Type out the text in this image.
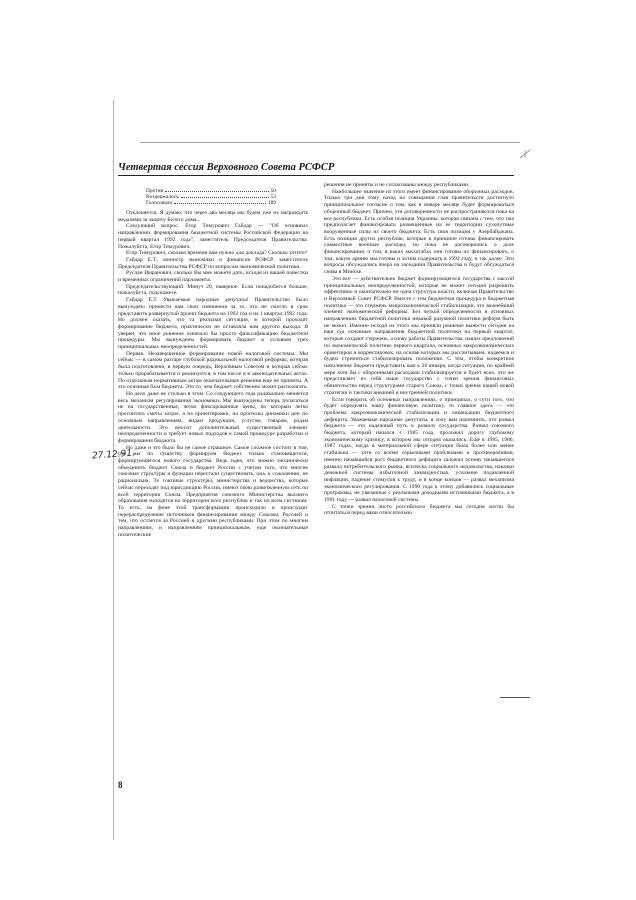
Четвертая сессия Верховного Совета РСФСР
Против	50
Воздержалось	53
Голосовало	189

Отклоняется. Я думаю, что через два месяца мы будем уже их награждать медалями за защиту Белого дома...

Следующий вопрос. Егор Тимурович Гайдар — "Об основных направлениях формирования бюджетной системы Российской Федерации на первый квартал 1992 года", заместитель Председателя Правительства. Пожалуйста, Егор Тимурович.

Егор Тимурович, сколько времени вам нужно для доклада? Сколько хотите?

Гайдар Е.Т., министр экономики и финансов РСФСР, заместитель Председателя Правительства РСФСР по вопросам экономической политики.

Руслан Имранович, сколько Вы мне можете дать, исходя из вашей повестки и временных ограничений парламента.

Председательствующий. Минут 20, наверное. Если понадобится больше, пожалуйста, подскажете.

Гайдар Е.Т. Уважаемые народные депутаты! Правительство было вынуждено принести вам свои извинения за то, что не смогло в срок представить развернутый проект бюджета на 1992 год и на 1 квартал 1992 года. Но должен сказать, что та реальная ситуация, в которой проходит формирование бюджета, практически не оставляла нам другого выхода. Я уверен, что иное решение означало бы просто фальсификацию бюджетной процедуры. Мы вынуждены формировать бюджет в условиях трех принципиальных неопределенностей.

Первая. Незавершенное формирование новой налоговой системы. Мы сейчас — в самом разгаре глубокой радикальной налоговой реформы, которая была подготовлена, в первую очередь, Верховным Советом и которая сейчас только прорабатывается и реализуется, в том числе и в законодательных актах. По отдельным нормативным актам окончательные решения еще не приняты. А это основная база бюджета. Это то, чем бюджет собственно может располагать.

Но дело даже не столько в этом. Со следующего года радикально меняется весь механизм регулирования экономики. Мы вынуждены теперь полагаться не на государственные, четко фиксированные цены, по которым легко просчитать сметы затрат, а на ориентировки, на прогнозы динамики цен по основным направлениям, видам продукции, услугам, товарам, родам деятельности. Это вносит дополнительный существенный элемент неопределенности и требует новых подходов к самой процедуре разработки и формирования бюджета.

Но даже и это было бы не самое страшное. Самое сложное состоит в том, что мы по существу формируем бюджет только становящегося, формирующегося нового государства. Ведь идея, что можно механически объединить бюджет Союза и бюджет России с учетом того, что многие союзные структуры и функции перестали существовать, она, к сожалению, не рациональна. Те союзные структуры, министерства и ведомства, которые сейчас переходят под юрисдикцию России, имеют свою разветвленную сеть по всей территории Союза. Предприятия союзного Министерства высшего образования находятся на территории всех республик и так по всем системам. То есть, на фоне этой трансформации происходило и происходит перераспределение источников финансирования между Союзом, Россией и тем, что остается за Россией и другими республиками. При этом по многим направлениям, и направлениям принципиальным, еще окончательные политические

решения не приняты и не согласованы между республиками.

Наибольшее значение из этого имеет финансирование оборонных расходов. Только три дня тому назад на совещании глав правительств достигнуто принципиальное согласие о том, как в январе месяце будет формироваться оборонный бюджет. Причем, эти договоренности не распространяются пока на все республики. Есть особая позиция Украины, которая связана с тем, что она предполагает финансировать размещенные на ее территории сухопутные вооруженные силы из своего бюджета. Есть своя позиция у Азербайджана. Есть позиция других республик, которые в принципе готовы финансировать совместные военные расходы, но пока не договорились о доле финансирования, о том, в каких масштабах они готовы их финансировать, о том, какую армию мы готовы и хотим содержать в 1992 году, и так далее. Эти вопросы обсуждались вчера на заседании Правительства и будут обсуждаться снова в Минске.

Это все — действительно бюджет формирующегося государства с массой принципиальных неопределенностей, которые не может сегодня разрешить эффективно и окончательно ни одна структура власти, включая Правительство и Верховный Совет РСФСР. Вместе с тем бюджетная процедура и бюджетная политика — это стержень макроэкономической стабилизации, это важнейший элемент экономической реформы. Без четкой определенности в основных направлениях бюджетной политики никакой разумной политики реформ быть не может. Именно исходя из этого мы приняли решение вынести сегодня на ваш суд основные направления бюджетной политики на первый квартал, которые создают стержень, основу работы Правительства, наших предложений по экономической политике первого квартала, основных макроэкономических ориентиров и корректировок, на основе которых мы рассчитываем, надеемся и будем стремиться стабилизировать положение. С тем, чтобы конкретное наполнение бюджета представить вам к 20 января, когда ситуация, по крайней мере хотя бы с оборонными расходами стабилизируется и будет ясно, что же представляет из себя наше государство с точки зрения финансовых обязательства перед структурами старого Союза, с точки зрения нашей новой стратегии и тактики внешней и внутренней политики.

Если говорить об основных направлениях, о принципах, о сути того, что будет определять нашу финансовую политику, то главное здесь — это проблема макроэкономической стабилизации и ликвидации бюджетного дефицита. Уважаемые народные депутаты, я хочу вам напомнить, что развал бюджета — это надежный путь к развалу государства. Развал союзного бюджета, который начался с 1985 года, проложил дорогу глубокому экономическому кризису, в котором мы сегодня оказались. Еще в 1985, 1986, 1987 годах, когда в материальной сфере ситуация была более или менее стабильна — хотя со всеми серьезными проблемами и противоречиями, именно начавшийся рост бюджетного дефицита заложил основу начавшегося развала потребительского рынка, всплеска социального недовольства, накачки денежной системы избыточной ликвидностью, усиление подавленной инфляции, падение стимулов к труду, и в конце концов — развал механизма экономического регулирования. С 1990 года к этому добавились социальные программы, не увязанные с реальными доходными источниками бюджета, а в 1991 году — развал налоговой системы.

С точки зрения чисто российского бюджета мы сегодня могли бы отчитаться перед вами относительно

27.12.91.
8
